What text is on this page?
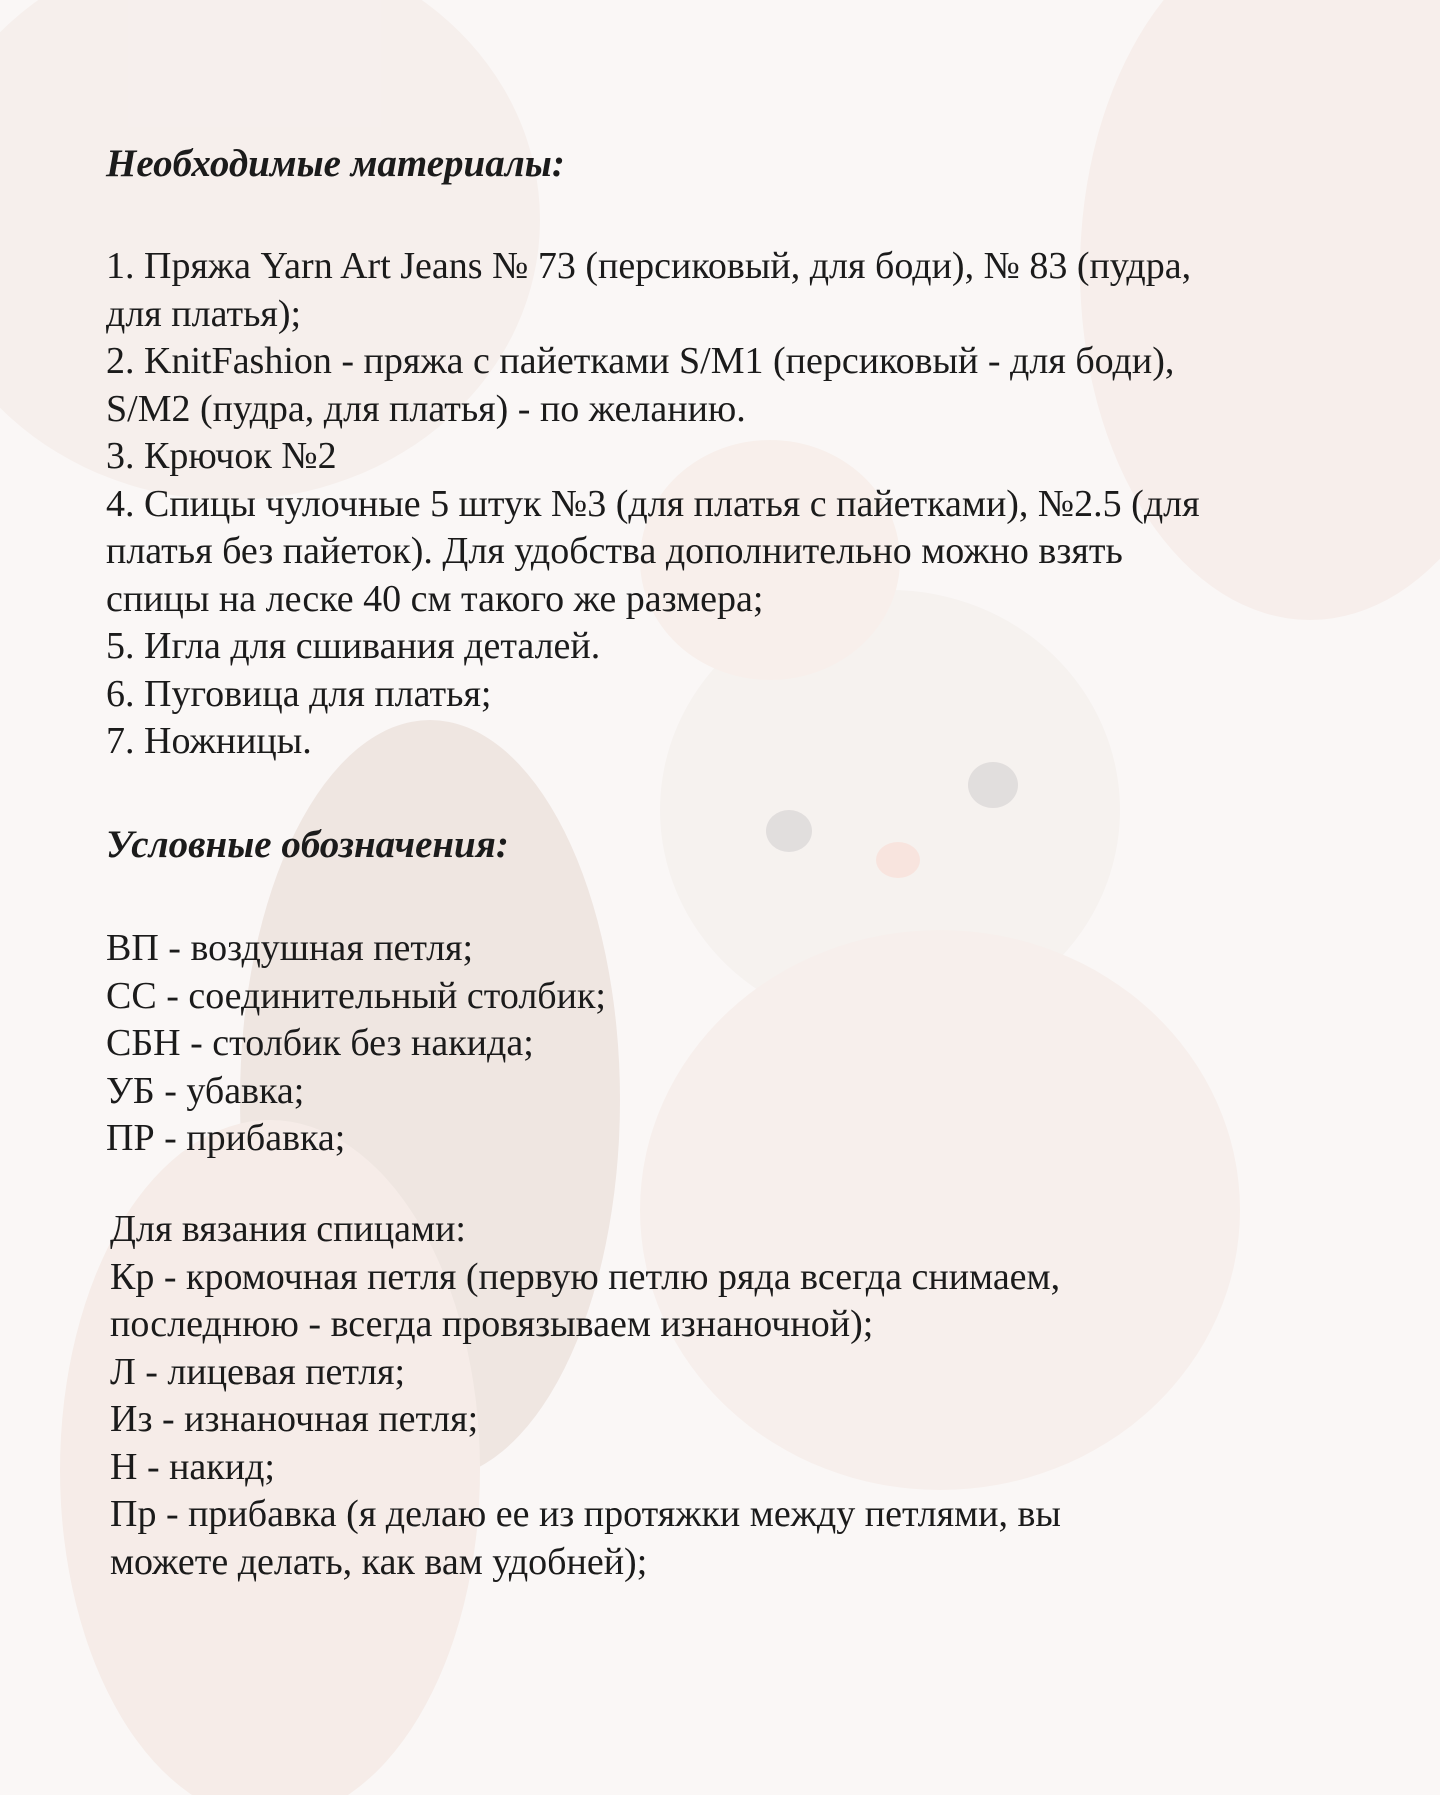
Необходимые материалы:
1. Пряжа Yarn Art Jeans № 73 (персиковый, для боди), № 83 (пудра,
для платья);
2. KnitFashion - пряжа с пайетками S/M1 (персиковый - для боди),
S/M2 (пудра, для платья) - по желанию.
3. Крючок №2
4. Спицы чулочные 5 штук №3 (для платья с пайетками), №2.5 (для
платья без пайеток). Для удобства дополнительно можно взять
спицы на леске 40 см такого же размера;
5. Игла для сшивания деталей.
6. Пуговица для платья;
7. Ножницы.
Условные обозначения:
ВП - воздушная петля;
СС - соединительный столбик;
СБН - столбик без накида;
УБ - убавка;
ПР - прибавка;
Для вязания спицами:
Кр - кромочная петля (первую петлю ряда всегда снимаем,
последнюю - всегда провязываем изнаночной);
Л - лицевая петля;
Из - изнаночная петля;
Н - накид;
Пр - прибавка (я делаю ее из протяжки между петлями, вы
можете делать, как вам удобней);
